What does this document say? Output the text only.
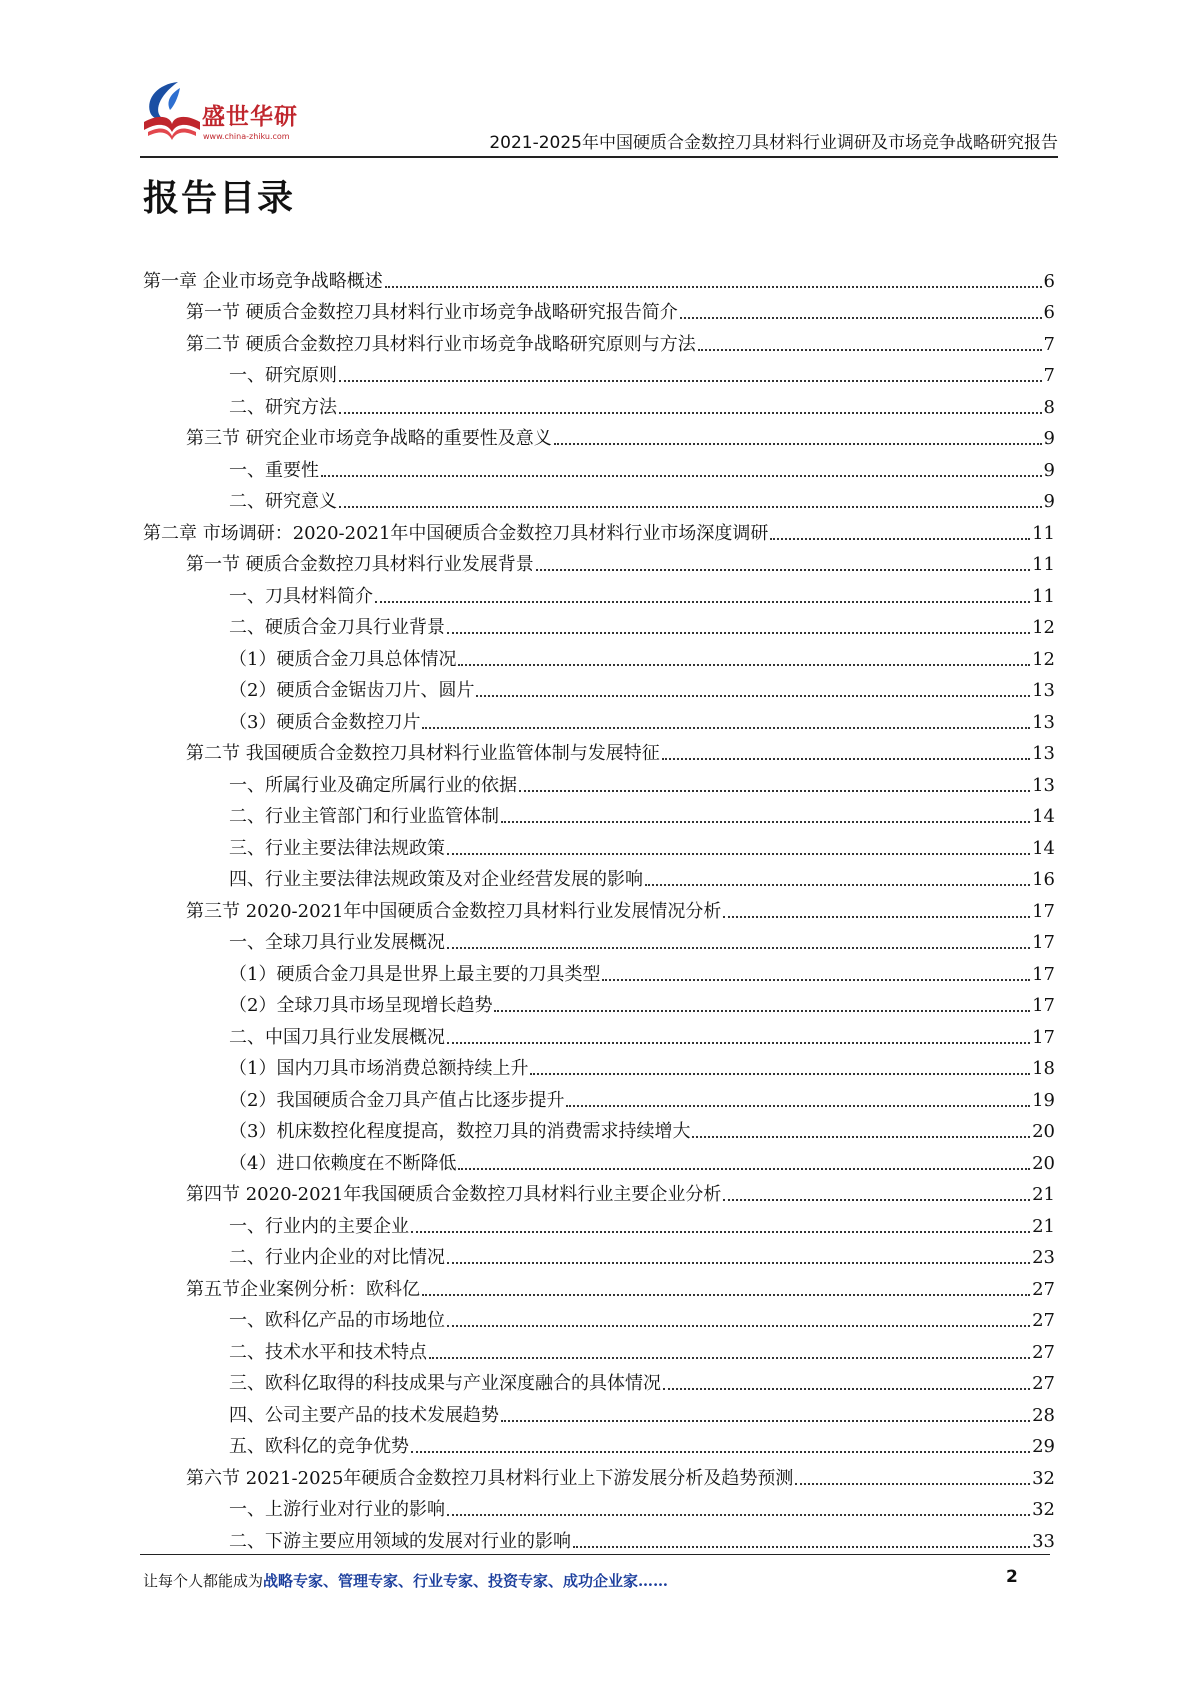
盛世华研
www.china-zhiku.com	2021-2025年中国硬质合金数控刀具材料行业调研及市场竞争战略研究报告
报告目录
第一章 企业市场竞争战略概述	6
第一节 硬质合金数控刀具材料行业市场竞争战略研究报告简介	6
第二节 硬质合金数控刀具材料行业市场竞争战略研究原则与方法	7
一、研究原则	7
二、研究方法	8
第三节 研究企业市场竞争战略的重要性及意义	9
一、重要性	9
二、研究意义	9
第二章 市场调研：2020-2021年中国硬质合金数控刀具材料行业市场深度调研	11
第一节 硬质合金数控刀具材料行业发展背景	11
一、刀具材料简介	11
二、硬质合金刀具行业背景	12
（1）硬质合金刀具总体情况	12
（2）硬质合金锯齿刀片、圆片	13
（3）硬质合金数控刀片	13
第二节 我国硬质合金数控刀具材料行业监管体制与发展特征	13
一、所属行业及确定所属行业的依据	13
二、行业主管部门和行业监管体制	14
三、行业主要法律法规政策	14
四、行业主要法律法规政策及对企业经营发展的影响	16
第三节 2020-2021年中国硬质合金数控刀具材料行业发展情况分析	17
一、全球刀具行业发展概况	17
（1）硬质合金刀具是世界上最主要的刀具类型	17
（2）全球刀具市场呈现增长趋势	17
二、中国刀具行业发展概况	17
（1）国内刀具市场消费总额持续上升	18
（2）我国硬质合金刀具产值占比逐步提升	19
（3）机床数控化程度提高，数控刀具的消费需求持续增大	20
（4）进口依赖度在不断降低	20
第四节 2020-2021年我国硬质合金数控刀具材料行业主要企业分析	21
一、行业内的主要企业	21
二、行业内企业的对比情况	23
第五节企业案例分析：欧科亿	27
一、欧科亿产品的市场地位	27
二、技术水平和技术特点	27
三、欧科亿取得的科技成果与产业深度融合的具体情况	27
四、公司主要产品的技术发展趋势	28
五、欧科亿的竞争优势	29
第六节 2021-2025年硬质合金数控刀具材料行业上下游发展分析及趋势预测	32
一、上游行业对行业的影响	32
二、下游主要应用领域的发展对行业的影响	33
让每个人都能成为战略专家、管理专家、行业专家、投资专家、成功企业家……	2
